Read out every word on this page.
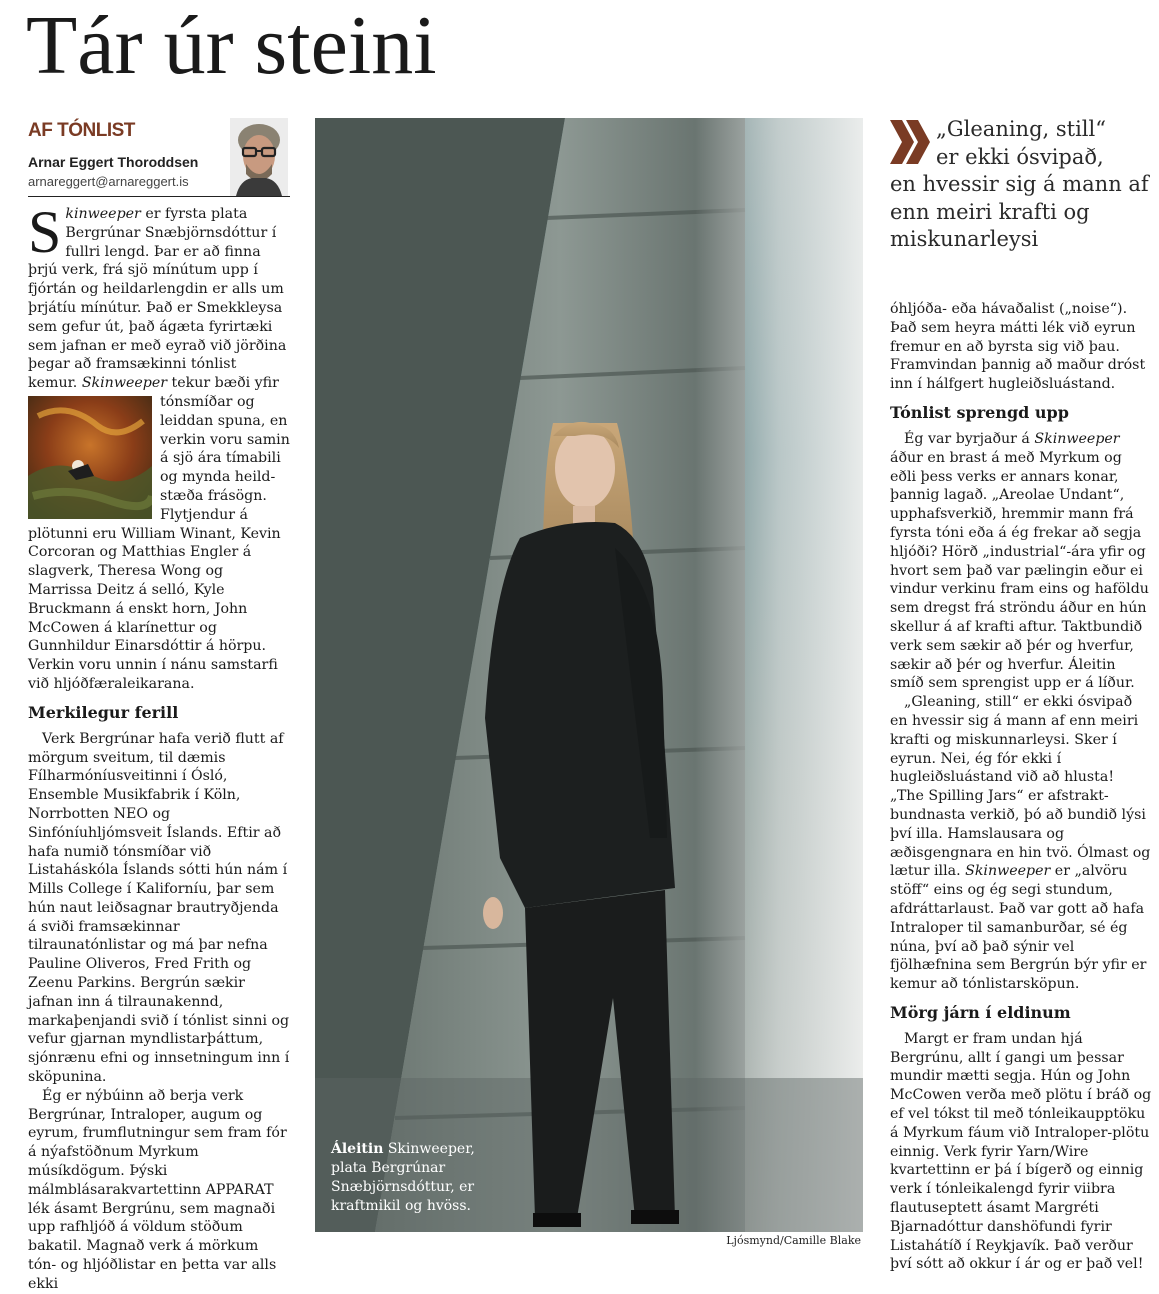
Tár úr steini
AF TÓNLIST
Arnar Eggert Thoroddsen
arnareggert@arnareggert.is
Skinweeper er fyrsta plata Bergrúnar Snæbjörnsdóttur í fullri lengd. Þar er að finna þrjú verk, frá sjö mínútum upp í fjórtán og heildarlengdin er alls um þrjátíu mínútur. Það er Smekkleysa sem gefur út, það ágæta fyrirtæki sem jafnan er með eyrað við jörðina þegar að framsækinni tónlist kemur. Skinweeper
tekur bæði yfir tónsmíðar og leiddan spuna, en verkin voru samin á sjö ára tímabili og mynda heild-stæða frásögn. Flytjendur á plötunni eru William Winant, Kevin Corcoran og Matthias Engler á slagverk, Theresa Wong og Marrissa Deitz á selló, Kyle Bruckmann á enskt horn, John McCowen á klarínettur og Gunnhildur Einarsdóttir á hörpu. Verkin voru unnin í nánu samstarfi við hljóðfæraleikarana.
Merkilegur ferill
Verk Bergrúnar hafa verið flutt af mörgum sveitum, til dæmis Fílharmóníusveitinni í Ósló, Ensemble Musikfabrik í Köln, Norrbotten NEO og Sinfóníuhljómsveit Íslands. Eftir að hafa numið tónsmíðar við Listaháskóla Íslands sótti hún nám í Mills College í Kaliforníu, þar sem hún naut leiðsagnar brautryðjenda á sviði framsækinnar tilraunatónlistar og má þar nefna Pauline Oliveros, Fred Frith og Zeenu Parkins. Bergrún sækir jafnan inn á tilraunakennd, markaþenjandi svið í tónlist sinni og vefur gjarnan myndlistarþáttum, sjónrænu efni og innsetningum inn í sköpunina.
Ég er nýbúinn að berja verk Bergrúnar, Intraloper, augum og eyrum, frumflutningur sem fram fór á nýafstöðnum Myrkum músíkdögum. Þýski málmblásarakvartettinn APPARAT lék ásamt Bergrúnu, sem magnaði upp rafhljóð á völdum stöðum bakatil. Magnað verk á mörkum tón- og hljóðlistar en þetta var alls ekki
Áleitin Skinweeper, plata Bergrúnar Snæbjörnsdóttur, er kraftmikil og hvöss.
Ljósmynd/Camille Blake

„Gleaning, still“
er ekki ósvipað,
en hvessir sig á mann af enn meiri krafti og miskunarleysi

óhljóða- eða hávaðalist („noise“). Það sem heyra mátti lék við eyrun fremur en að byrsta sig við þau. Framvindan þannig að maður dróst inn í hálfgert hugleiðsluástand.
Tónlist sprengd upp
Ég var byrjaður á Skinweeper áður en brast á með Myrkum og eðli þess verks er annars konar, þannig lagað. „Areolae Undant“, upphafsverkið, hremmir mann frá fyrsta tóni eða á ég frekar að segja hljóði? Hörð „industrial“-ára yfir og hvort sem það var pælingin eður ei vindur verkinu fram eins og haföldu sem dregst frá ströndu áður en hún skellur á af krafti aftur. Taktbundið verk sem sækir að þér og hverfur, sækir að þér og hverfur. Áleitin smíð sem sprengist upp er á líður.
„Gleaning, still“ er ekki ósvipað en hvessir sig á mann af enn meiri krafti og miskunnarleysi. Sker í eyrun. Nei, ég fór ekki í hugleiðsluástand við að hlusta! „The Spilling Jars“ er afstrakt-bundnasta verkið, þó að bundið lýsi því illa. Hamslausara og æðisgengnara en hin tvö. Ólmast og lætur illa. Skinweeper er „alvöru stöff“ eins og ég segi stundum, afdráttarlaust. Það var gott að hafa Intraloper til samanburðar, sé ég núna, því að það sýnir vel fjölhæfnina sem Bergrún býr yfir er kemur að tónlistarsköpun.
Mörg járn í eldinum
Margt er fram undan hjá Bergrúnu, allt í gangi um þessar mundir mætti segja. Hún og John McCowen verða með plötu í bráð og ef vel tókst til með tónleikaupptöku á Myrkum fáum við Intraloper-plötu einnig. Verk fyrir Yarn/Wire kvartettinn er þá í bígerð og einnig verk í tónleikalengd fyrir viibra flautuseptett ásamt Margréti Bjarnadóttur danshöfundi fyrir Listahátíð í Reykjavík. Það verður því sótt að okkur í ár og er það vel!
